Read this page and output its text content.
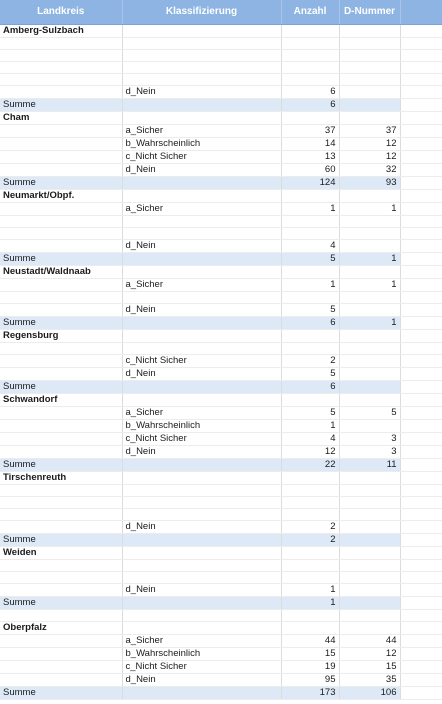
Landkreis	Klassifizierung	Anzahl	D-Nummer	
Amberg-Sulzbach				

	d_Nein	6		
Summe		6		
Cham				
	a_Sicher	37	37	
	b_Wahrscheinlich	14	12	
	c_Nicht Sicher	13	12	
	d_Nein	60	32	
Summe		124	93	
Neumarkt/Obpf.				
	a_Sicher	1	1	

	d_Nein	4		
Summe		5	1	
Neustadt/Waldnaab				
	a_Sicher	1	1	

	d_Nein	5		
Summe		6	1	
Regensburg				

	c_Nicht Sicher	2		
	d_Nein	5		
Summe		6		
Schwandorf				
	a_Sicher	5	5	
	b_Wahrscheinlich	1		
	c_Nicht Sicher	4	3	
	d_Nein	12	3	
Summe		22	11	
Tirschenreuth				

	d_Nein	2		
Summe		2		
Weiden				

	d_Nein	1		
Summe		1		

Oberpfalz				
	a_Sicher	44	44	
	b_Wahrscheinlich	15	12	
	c_Nicht Sicher	19	15	
	d_Nein	95	35	
Summe		173	106	
